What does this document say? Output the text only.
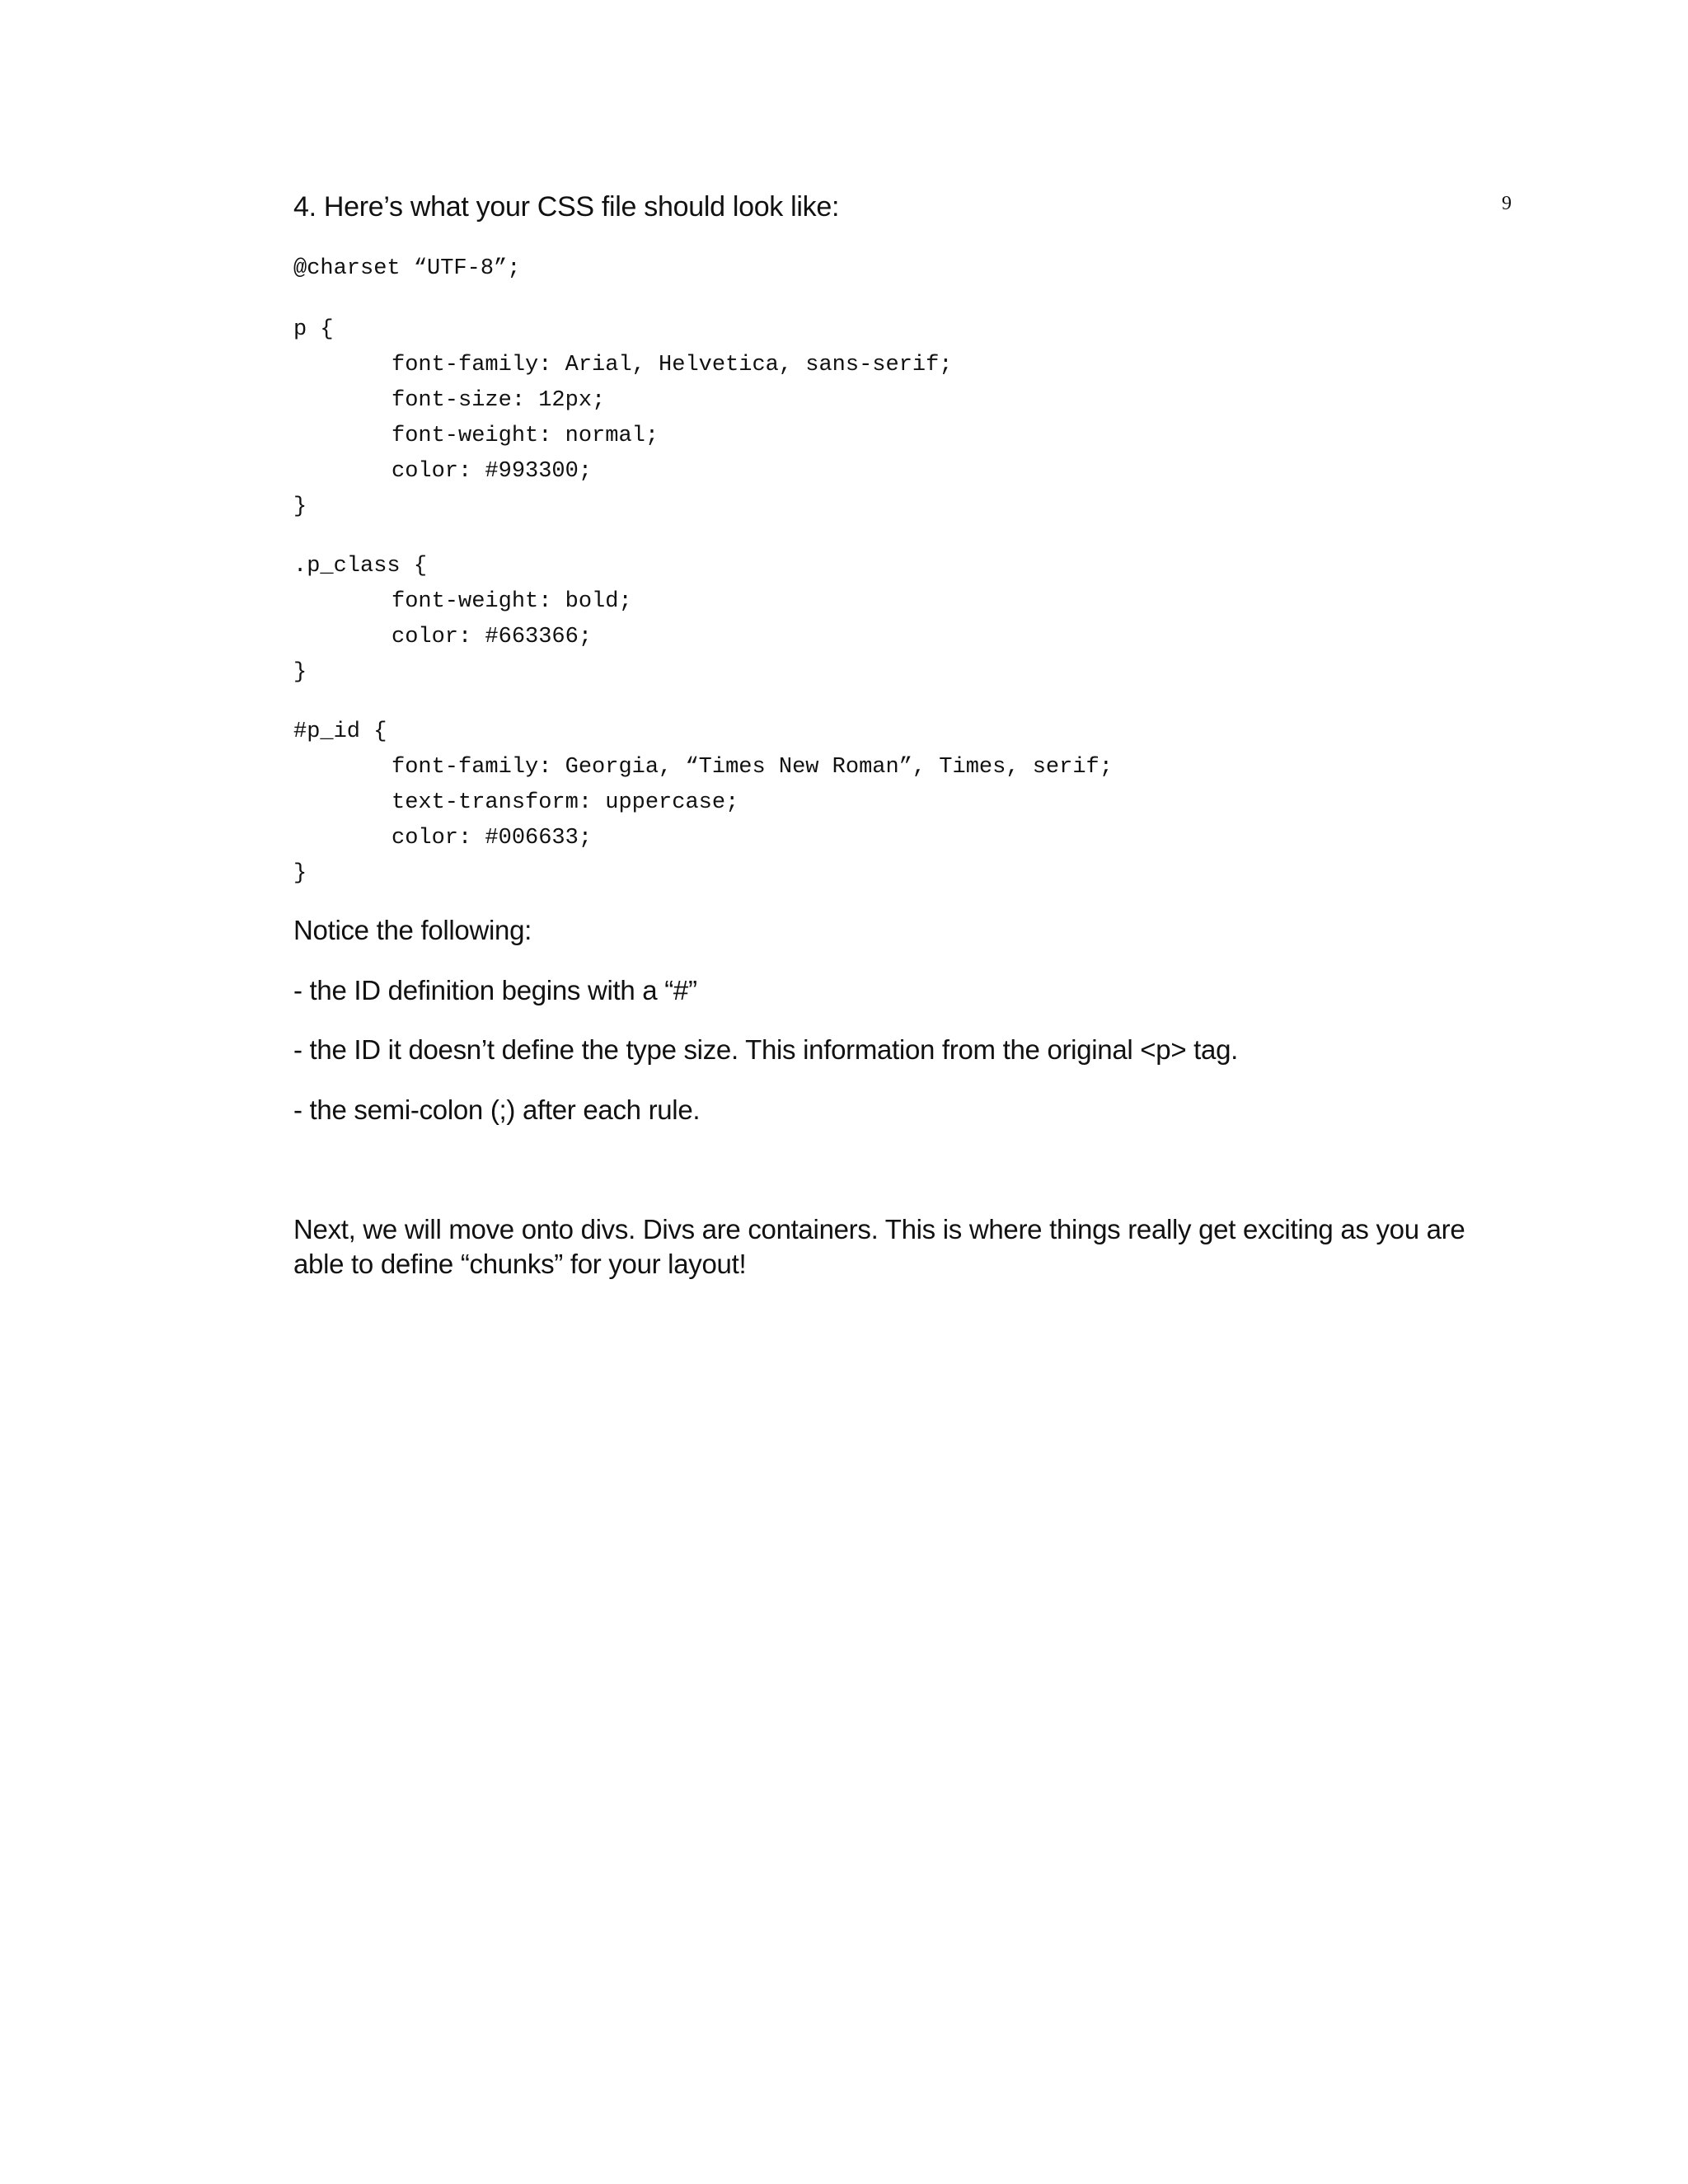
9
4. Here’s what your CSS file should look like:
@charset “UTF-8”;
p {
font-family: Arial, Helvetica, sans-serif;
font-size: 12px;
font-weight: normal;
color: #993300;
}
.p_class {
font-weight: bold;
color: #663366;
}
#p_id {
font-family: Georgia, “Times New Roman”, Times, serif;
text-transform: uppercase;
color: #006633;
}
Notice the following:
- the ID definition begins with a “#”
- the ID it doesn’t define the type size. This information from the original <p> tag.
- the semi-colon (;) after each rule.
Next, we will move onto divs. Divs are containers. This is where things really get exciting as you are
able to define “chunks” for your layout!
